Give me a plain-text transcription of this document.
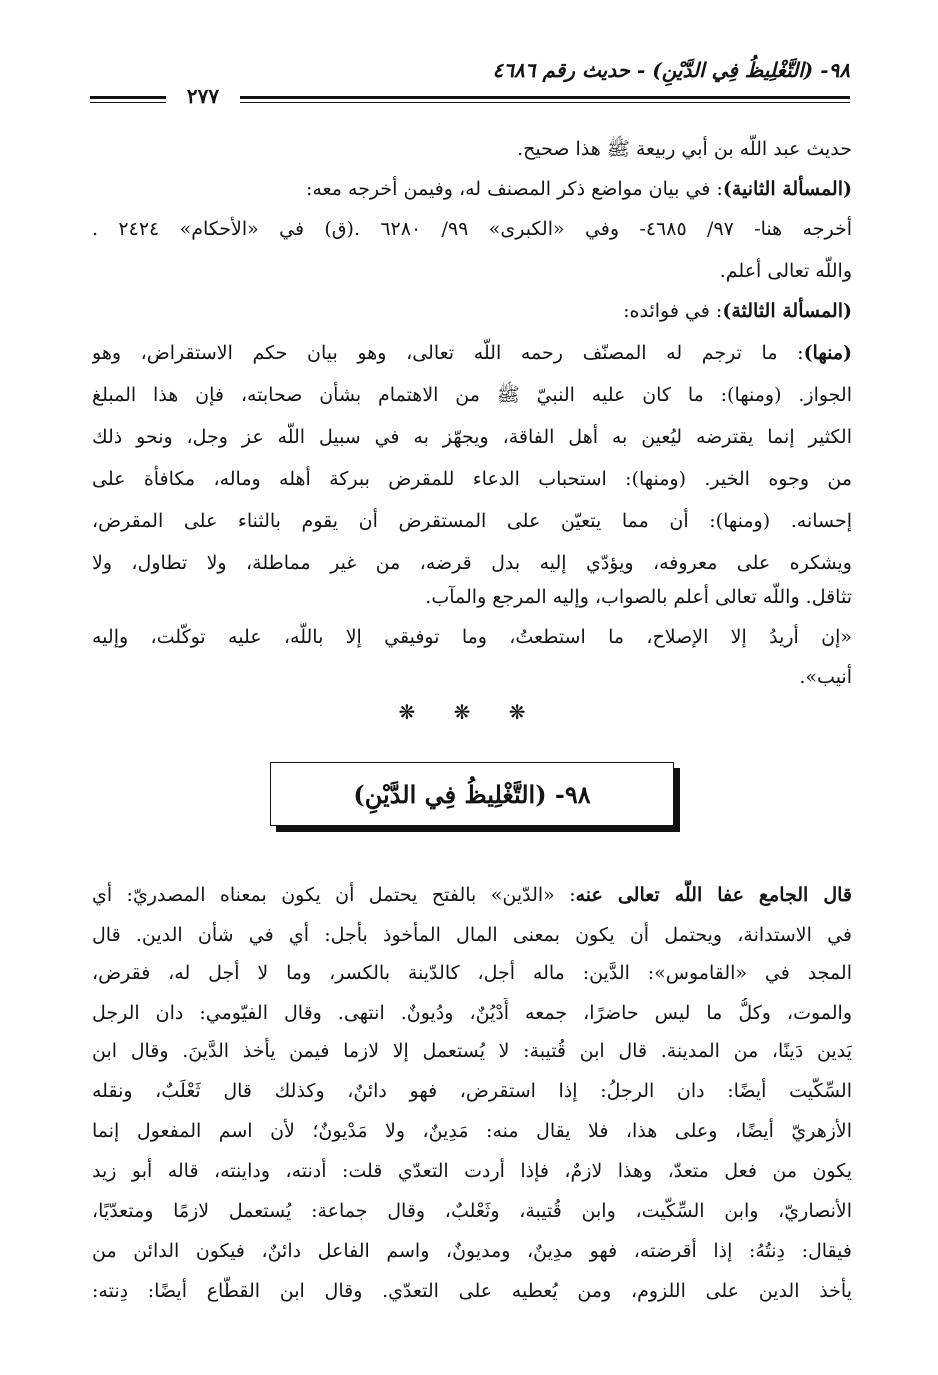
٩٨- (التَّغْلِيظُ فِي الدَّيْنِ) - حديث رقم ٤٦٨٦
٢٧٧
حديث عبد اللَّه بن أبي ربيعة ﷺ هذا صحيح.
(المسألة الثانية): في بيان مواضع ذكر المصنف له، وفيمن أخرجه معه:
أخرجه هنا- ٩٧/ ٤٦٨٥- وفي «الكبرى» ٩٩/ ٦٢٨٠ .(ق) في «الأحكام» ٢٤٢٤ .
واللَّه تعالى أعلم.
(المسألة الثالثة): في فوائده:
(منها): ما ترجم له المصنّف رحمه اللَّه تعالى، وهو بيان حكم الاستقراض، وهو
الجواز. (ومنها): ما كان عليه النبيّ ﷺ من الاهتمام بشأن صحابته، فإن هذا المبلغ
الكثير إنما يقترضه ليُعين به أهل الفاقة، ويجهّز به في سبيل اللَّه عز وجل، ونحو ذلك
من وجوه الخير. (ومنها): استحباب الدعاء للمقرض ببركة أهله وماله، مكافأة على
إحسانه. (ومنها): أن مما يتعيّن على المستقرض أن يقوم بالثناء على المقرض،
ويشكره على معروفه، ويؤدّي إليه بدل قرضه، من غير مماطلة، ولا تطاول، ولا
تثاقل. واللَّه تعالى أعلم بالصواب، وإليه المرجع والمآب.
«إن أريدُ إلا الإصلاح، ما استطعتُ، وما توفيقي إلا باللَّه، عليه توكّلت، وإليه
أنيب».
❋ ❋ ❋
٩٨- (التَّغْلِيظُ فِي الدَّيْنِ)
قال الجامع عفا اللَّه تعالى عنه: «الدّين» بالفتح يحتمل أن يكون بمعناه المصدريّ: أي
في الاستدانة، ويحتمل أن يكون بمعنى المال المأخوذ بأجل: أي في شأن الدين. قال
المجد في «القاموس»: الدَّين: ماله أجل، كالدّينة بالكسر، وما لا أجل له، فقرض،
والموت، وكلُّ ما ليس حاضرًا، جمعه أَدْيُنٌ، ودُيونٌ. انتهى. وقال الفيّومي: دان الرجل
يَدين دَينًا، من المدينة. قال ابن قُتيبة: لا يُستعمل إلا لازما فيمن يأخذ الدَّينَ. وقال ابن
السِّكّيت أيضًا: دان الرجلُ: إذا استقرض، فهو دائنٌ، وكذلك قال ثَعْلَبٌ، ونقله
الأزهريّ أيضًا، وعلى هذا، فلا يقال منه: مَدِينٌ، ولا مَدْيونٌ؛ لأن اسم المفعول إنما
يكون من فعل متعدّ، وهذا لازمٌ، فإذا أردت التعدّي قلت: أدنته، وداينته، قاله أبو زيد
الأنصاريّ، وابن السِّكّيت، وابن قُتيبة، وثَعْلبٌ، وقال جماعة: يُستعمل لازمًا ومتعدّيًا،
فيقال: دِنتُهُ: إذا أقرضته، فهو مدِينٌ، ومديونٌ، واسم الفاعل دائنٌ، فيكون الدائن من
يأخذ الدين على اللزوم، ومن يُعطيه على التعدّي. وقال ابن القطّاع أيضًا: دِنته:
